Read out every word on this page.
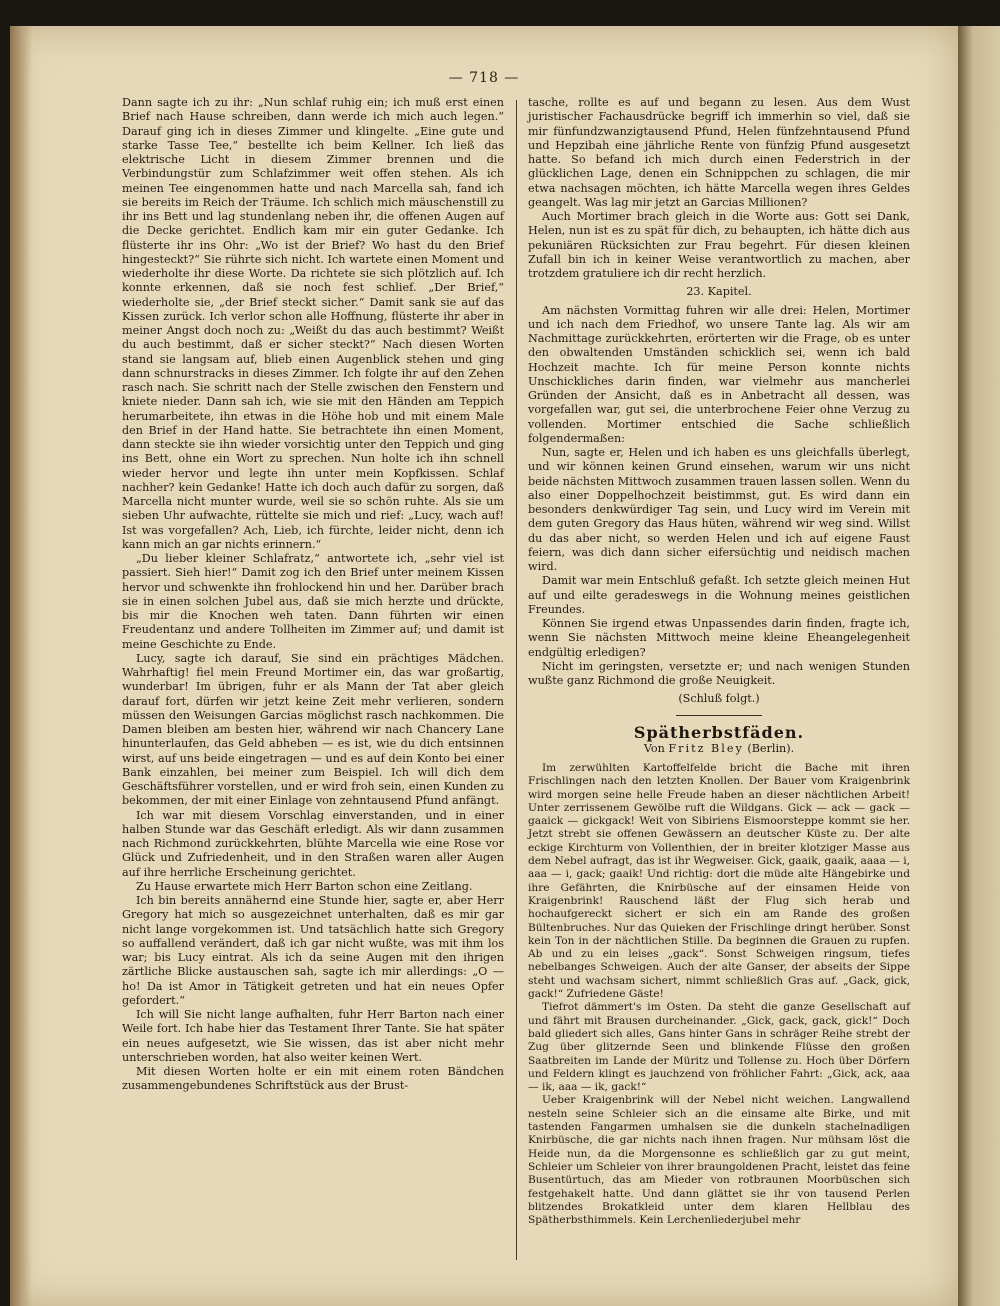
— 718 —

Dann sagte ich zu ihr: „Nun schlaf ruhig ein; ich muß erst einen Brief nach Hause schreiben, dann werde ich mich auch legen.“ Darauf ging ich in dieses Zimmer und klingelte. „Eine gute und starke Tasse Tee,“ bestellte ich beim Kellner. Ich ließ das elektrische Licht in diesem Zimmer brennen und die Verbindungstür zum Schlafzimmer weit offen stehen. Als ich meinen Tee eingenommen hatte und nach Marcella sah, fand ich sie bereits im Reich der Träume. Ich schlich mich mäuschenstill zu ihr ins Bett und lag stundenlang neben ihr, die offenen Augen auf die Decke gerichtet. Endlich kam mir ein guter Gedanke. Ich flüsterte ihr ins Ohr: „Wo ist der Brief? Wo hast du den Brief hingesteckt?“ Sie rührte sich nicht. Ich wartete einen Moment und wiederholte ihr diese Worte. Da richtete sie sich plötzlich auf. Ich konnte erkennen, daß sie noch fest schlief. „Der Brief,“ wiederholte sie, „der Brief steckt sicher.“ Damit sank sie auf das Kissen zurück. Ich verlor schon alle Hoffnung, flüsterte ihr aber in meiner Angst doch noch zu: „Weißt du das auch bestimmt? Weißt du auch bestimmt, daß er sicher steckt?“ Nach diesen Worten stand sie langsam auf, blieb einen Augenblick stehen und ging dann schnurstracks in dieses Zimmer. Ich folgte ihr auf den Zehen rasch nach. Sie schritt nach der Stelle zwischen den Fenstern und kniete nieder. Dann sah ich, wie sie mit den Händen am Teppich herumarbeitete, ihn etwas in die Höhe hob und mit einem Male den Brief in der Hand hatte. Sie betrachtete ihn einen Moment, dann steckte sie ihn wieder vorsichtig unter den Teppich und ging ins Bett, ohne ein Wort zu sprechen. Nun holte ich ihn schnell wieder hervor und legte ihn unter mein Kopfkissen. Schlaf nachher? kein Gedanke! Hatte ich doch auch dafür zu sorgen, daß Marcella nicht munter wurde, weil sie so schön ruhte. Als sie um sieben Uhr aufwachte, rüttelte sie mich und rief: „Lucy, wach auf! Ist was vorgefallen? Ach, Lieb, ich fürchte, leider nicht, denn ich kann mich an gar nichts erinnern.“

„Du lieber kleiner Schlafratz,“ antwortete ich, „sehr viel ist passiert. Sieh hier!“ Damit zog ich den Brief unter meinem Kissen hervor und schwenkte ihn frohlockend hin und her. Darüber brach sie in einen solchen Jubel aus, daß sie mich herzte und drückte, bis mir die Knochen weh taten. Dann führten wir einen Freudentanz und andere Tollheiten im Zimmer auf; und damit ist meine Geschichte zu Ende.

Lucy, sagte ich darauf, Sie sind ein prächtiges Mädchen. Wahrhaftig! fiel mein Freund Mortimer ein, das war großartig, wunderbar! Im übrigen, fuhr er als Mann der Tat aber gleich darauf fort, dürfen wir jetzt keine Zeit mehr verlieren, sondern müssen den Weisungen Garcias möglichst rasch nachkommen. Die Damen bleiben am besten hier, während wir nach Chancery Lane hinunterlaufen, das Geld abheben — es ist, wie du dich entsinnen wirst, auf uns beide eingetragen — und es auf dein Konto bei einer Bank einzahlen, bei meiner zum Beispiel. Ich will dich dem Geschäftsführer vorstellen, und er wird froh sein, einen Kunden zu bekommen, der mit einer Einlage von zehntausend Pfund anfängt.

Ich war mit diesem Vorschlag einverstanden, und in einer halben Stunde war das Geschäft erledigt. Als wir dann zusammen nach Richmond zurückkehrten, blühte Marcella wie eine Rose vor Glück und Zufriedenheit, und in den Straßen waren aller Augen auf ihre herrliche Erscheinung gerichtet.

Zu Hause erwartete mich Herr Barton schon eine Zeitlang.

Ich bin bereits annähernd eine Stunde hier, sagte er, aber Herr Gregory hat mich so ausgezeichnet unterhalten, daß es mir gar nicht lange vorgekommen ist. Und tatsächlich hatte sich Gregory so auffallend verändert, daß ich gar nicht wußte, was mit ihm los war; bis Lucy eintrat. Als ich da seine Augen mit den ihrigen zärtliche Blicke austauschen sah, sagte ich mir allerdings: „O — ho! Da ist Amor in Tätigkeit getreten und hat ein neues Opfer gefordert.“

Ich will Sie nicht lange aufhalten, fuhr Herr Barton nach einer Weile fort. Ich habe hier das Testament Ihrer Tante. Sie hat später ein neues aufgesetzt, wie Sie wissen, das ist aber nicht mehr unterschrieben worden, hat also weiter keinen Wert.

Mit diesen Worten holte er ein mit einem roten Bändchen zusammengebundenes Schriftstück aus der Brust-

tasche, rollte es auf und begann zu lesen. Aus dem Wust juristischer Fachausdrücke begriff ich immerhin so viel, daß sie mir fünfundzwanzigtausend Pfund, Helen fünfzehntausend Pfund und Hepzibah eine jährliche Rente von fünfzig Pfund ausgesetzt hatte. So befand ich mich durch einen Federstrich in der glücklichen Lage, denen ein Schnippchen zu schlagen, die mir etwa nachsagen möchten, ich hätte Marcella wegen ihres Geldes geangelt. Was lag mir jetzt an Garcias Millionen?

Auch Mortimer brach gleich in die Worte aus: Gott sei Dank, Helen, nun ist es zu spät für dich, zu behaupten, ich hätte dich aus pekuniären Rücksichten zur Frau begehrt. Für diesen kleinen Zufall bin ich in keiner Weise verantwortlich zu machen, aber trotzdem gratuliere ich dir recht herzlich.

23. Kapitel.

Am nächsten Vormittag fuhren wir alle drei: Helen, Mortimer und ich nach dem Friedhof, wo unsere Tante lag. Als wir am Nachmittage zurückkehrten, erörterten wir die Frage, ob es unter den obwaltenden Umständen schicklich sei, wenn ich bald Hochzeit machte. Ich für meine Person konnte nichts Unschickliches darin finden, war vielmehr aus mancherlei Gründen der Ansicht, daß es in Anbetracht all dessen, was vorgefallen war, gut sei, die unterbrochene Feier ohne Verzug zu vollenden. Mortimer entschied die Sache schließlich folgendermaßen:

Nun, sagte er, Helen und ich haben es uns gleichfalls überlegt, und wir können keinen Grund einsehen, warum wir uns nicht beide nächsten Mittwoch zusammen trauen lassen sollen. Wenn du also einer Doppelhochzeit beistimmst, gut. Es wird dann ein besonders denkwürdiger Tag sein, und Lucy wird im Verein mit dem guten Gregory das Haus hüten, während wir weg sind. Willst du das aber nicht, so werden Helen und ich auf eigene Faust feiern, was dich dann sicher eifersüchtig und neidisch machen wird.

Damit war mein Entschluß gefaßt. Ich setzte gleich meinen Hut auf und eilte geradeswegs in die Wohnung meines geistlichen Freundes.

Können Sie irgend etwas Unpassendes darin finden, fragte ich, wenn Sie nächsten Mittwoch meine kleine Eheangelegenheit endgültig erledigen?

Nicht im geringsten, versetzte er; und nach wenigen Stunden wußte ganz Richmond die große Neuigkeit.

(Schluß folgt.)

Spätherbstfäden.
Von Fritz Bley (Berlin).

Im zerwühlten Kartoffelfelde bricht die Bache mit ihren Frischlingen nach den letzten Knollen. Der Bauer vom Kraigenbrink wird morgen seine helle Freude haben an dieser nächtlichen Arbeit! Unter zerrissenem Gewölbe ruft die Wildgans. Gick — ack — gack — gaaick — gickgack! Weit von Sibiriens Eismoorsteppe kommt sie her. Jetzt strebt sie offenen Gewässern an deutscher Küste zu. Der alte eckige Kirchturm von Vollenthien, der in breiter klotziger Masse aus dem Nebel aufragt, das ist ihr Wegweiser. Gick, gaaik, gaaik, aaaa — i, aaa — i, gack; gaaik! Und richtig: dort die müde alte Hängebirke und ihre Gefährten, die Knirbüsche auf der einsamen Heide von Kraigenbrink! Rauschend läßt der Flug sich herab und hochaufgereckt sichert er sich ein am Rande des großen Bültenbruches. Nur das Quieken der Frischlinge dringt herüber. Sonst kein Ton in der nächtlichen Stille. Da beginnen die Grauen zu rupfen. Ab und zu ein leises „gack“. Sonst Schweigen ringsum, tiefes nebelbanges Schweigen. Auch der alte Ganser, der abseits der Sippe steht und wachsam sichert, nimmt schließlich Gras auf. „Gack, gick, gack!“ Zufriedene Gäste!

Tiefrot dämmert's im Osten. Da steht die ganze Gesellschaft auf und fährt mit Brausen durcheinander. „Gick, gack, gack, gick!“ Doch bald gliedert sich alles, Gans hinter Gans in schräger Reihe strebt der Zug über glitzernde Seen und blinkende Flüsse den großen Saatbreiten im Lande der Müritz und Tollense zu. Hoch über Dörfern und Feldern klingt es jauchzend von fröhlicher Fahrt: „Gick, ack, aaa — ik, aaa — ik, gack!“

Ueber Kraigenbrink will der Nebel nicht weichen. Langwallend nesteln seine Schleier sich an die einsame alte Birke, und mit tastenden Fangarmen umhalsen sie die dunkeln stachelnadligen Knirbüsche, die gar nichts nach ihnen fragen. Nur mühsam löst die Heide nun, da die Morgensonne es schließlich gar zu gut meint, Schleier um Schleier von ihrer braungoldenen Pracht, leistet das feine Busentürtuch, das am Mieder von rotbraunen Moorbüschen sich festgehakelt hatte. Und dann glättet sie ihr von tausend Perlen blitzendes Brokatkleid unter dem klaren Hellblau des Spätherbsthimmels. Kein Lerchenliederjubel mehr
